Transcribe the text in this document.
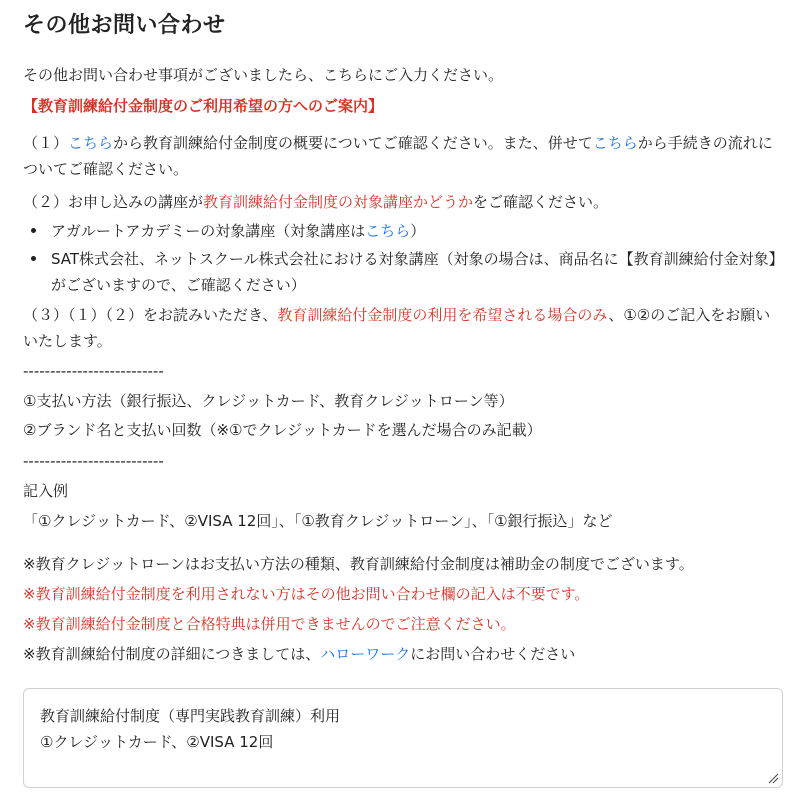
その他お問い合わせ
その他お問い合わせ事項がございましたら、こちらにご入力ください。
【教育訓練給付金制度のご利用希望の方へのご案内】
（１）こちらから教育訓練給付金制度の概要についてご確認ください。また、併せてこちらから手続きの流れについてご確認ください。
（２）お申し込みの講座が教育訓練給付金制度の対象講座かどうかをご確認ください。
アガルートアカデミーの対象講座（対象講座はこちら）
SAT株式会社、ネットスクール株式会社における対象講座（対象の場合は、商品名に【教育訓練給付金対象】がございますので、ご確認ください）
（３）（１）（２）をお読みいただき、教育訓練給付金制度の利用を希望される場合のみ、①②のご記入をお願いいたします。
--------------------------
①支払い方法（銀行振込、クレジットカード、教育クレジットローン等）
②ブランド名と支払い回数（※①でクレジットカードを選んだ場合のみ記載）
--------------------------
記入例
「①クレジットカード、②VISA 12回」、「①教育クレジットローン」、「①銀行振込」など
※教育クレジットローンはお支払い方法の種類、教育訓練給付金制度は補助金の制度でございます。
※教育訓練給付金制度を利用されない方はその他お問い合わせ欄の記入は不要です。
※教育訓練給付金制度と合格特典は併用できませんのでご注意ください。
※教育訓練給付制度の詳細につきましては、ハローワークにお問い合わせください
教育訓練給付制度（専門実践教育訓練）利用
①クレジットカード、②VISA 12回
